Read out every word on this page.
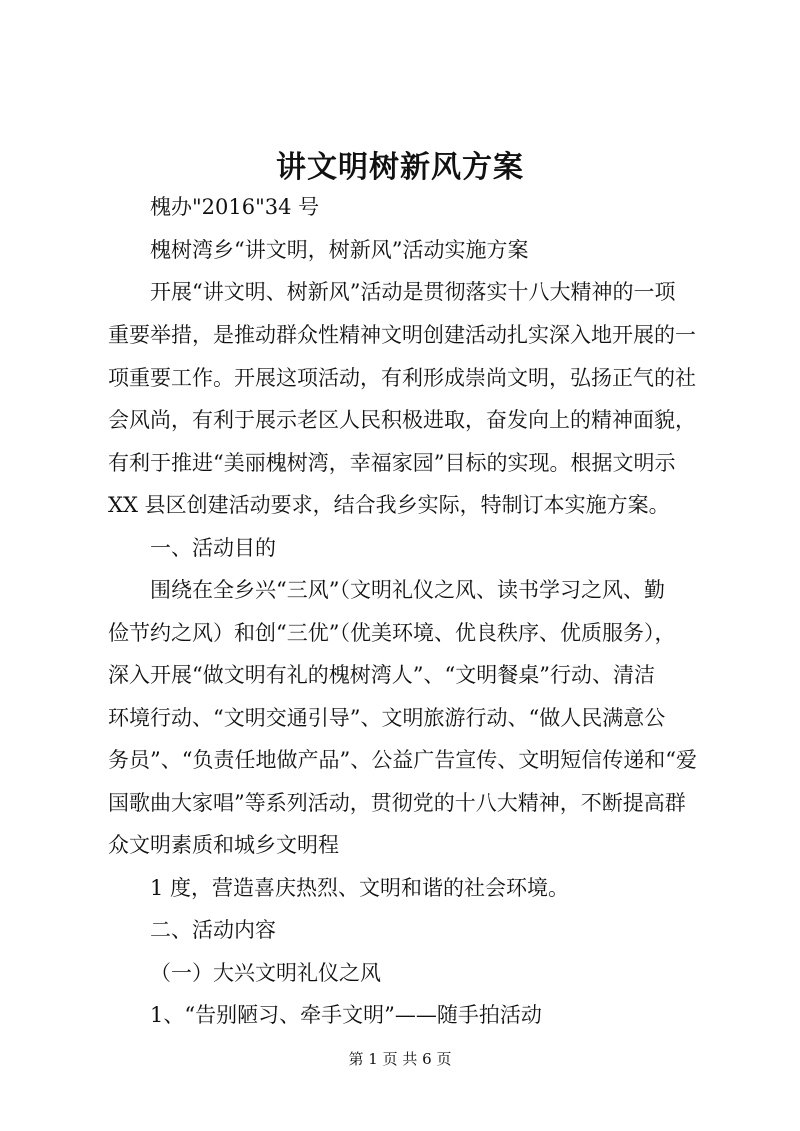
讲文明树新风方案
槐办"2016"34 号
槐树湾乡“讲文明，树新风”活动实施方案
开展“讲文明、树新风”活动是贯彻落实十八大精神的一项
重要举措，是推动群众性精神文明创建活动扎实深入地开展的一
项重要工作。开展这项活动，有利形成崇尚文明，弘扬正气的社
会风尚，有利于展示老区人民积极进取，奋发向上的精神面貌，
有利于推进“美丽槐树湾，幸福家园”目标的实现。根据文明示
XX 县区创建活动要求，结合我乡实际，特制订本实施方案。
一、活动目的
围绕在全乡兴“三风”（文明礼仪之风、读书学习之风、勤
俭节约之风）和创“三优”（优美环境、优良秩序、优质服务），
深入开展“做文明有礼的槐树湾人”、“文明餐桌”行动、清洁
环境行动、“文明交通引导”、文明旅游行动、“做人民满意公
务员”、“负责任地做产品”、公益广告宣传、文明短信传递和“爱
国歌曲大家唱”等系列活动，贯彻党的十八大精神，不断提高群
众文明素质和城乡文明程
1 度，营造喜庆热烈、文明和谐的社会环境。
二、活动内容
（一）大兴文明礼仪之风
1、“告别陋习、牵手文明”——随手拍活动
第 1 页 共 6 页
